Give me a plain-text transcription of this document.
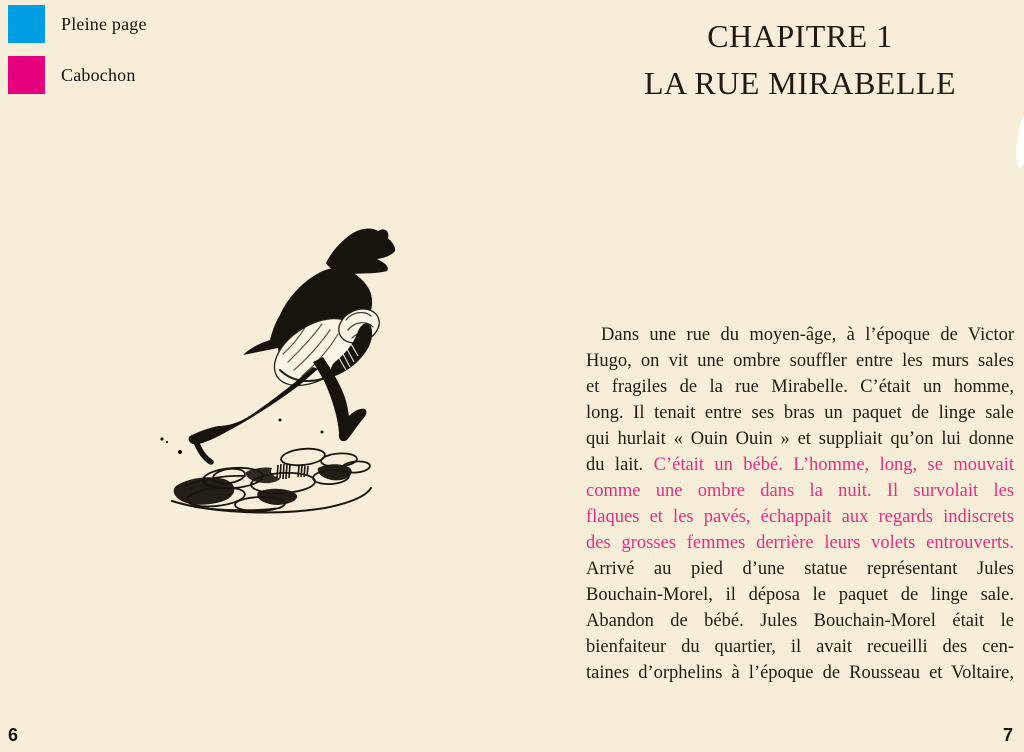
Pleine page
Cabochon
CHAPITRE 1
LA RUE MIRABELLE
Dans une rue du moyen-âge, à l’époque de Victor
Hugo, on vit une ombre souffler entre les murs sales
et fragiles de la rue Mirabelle. C’était un homme,
long. Il tenait entre ses bras un paquet de linge sale
qui hurlait « Ouin Ouin » et suppliait qu’on lui donne
du lait. C’était un bébé. L’homme, long, se mouvait
comme une ombre dans la nuit. Il survolait les
flaques et les pavés, échappait aux regards indiscrets
des grosses femmes derrière leurs volets entrouverts.
Arrivé au pied d’une statue représentant Jules
Bouchain-Morel, il déposa le paquet de linge sale.
Abandon de bébé. Jules Bouchain-Morel était le
bienfaiteur du quartier, il avait recueilli des cen-
taines d’orphelins à l’époque de Rousseau et Voltaire,
6	7
